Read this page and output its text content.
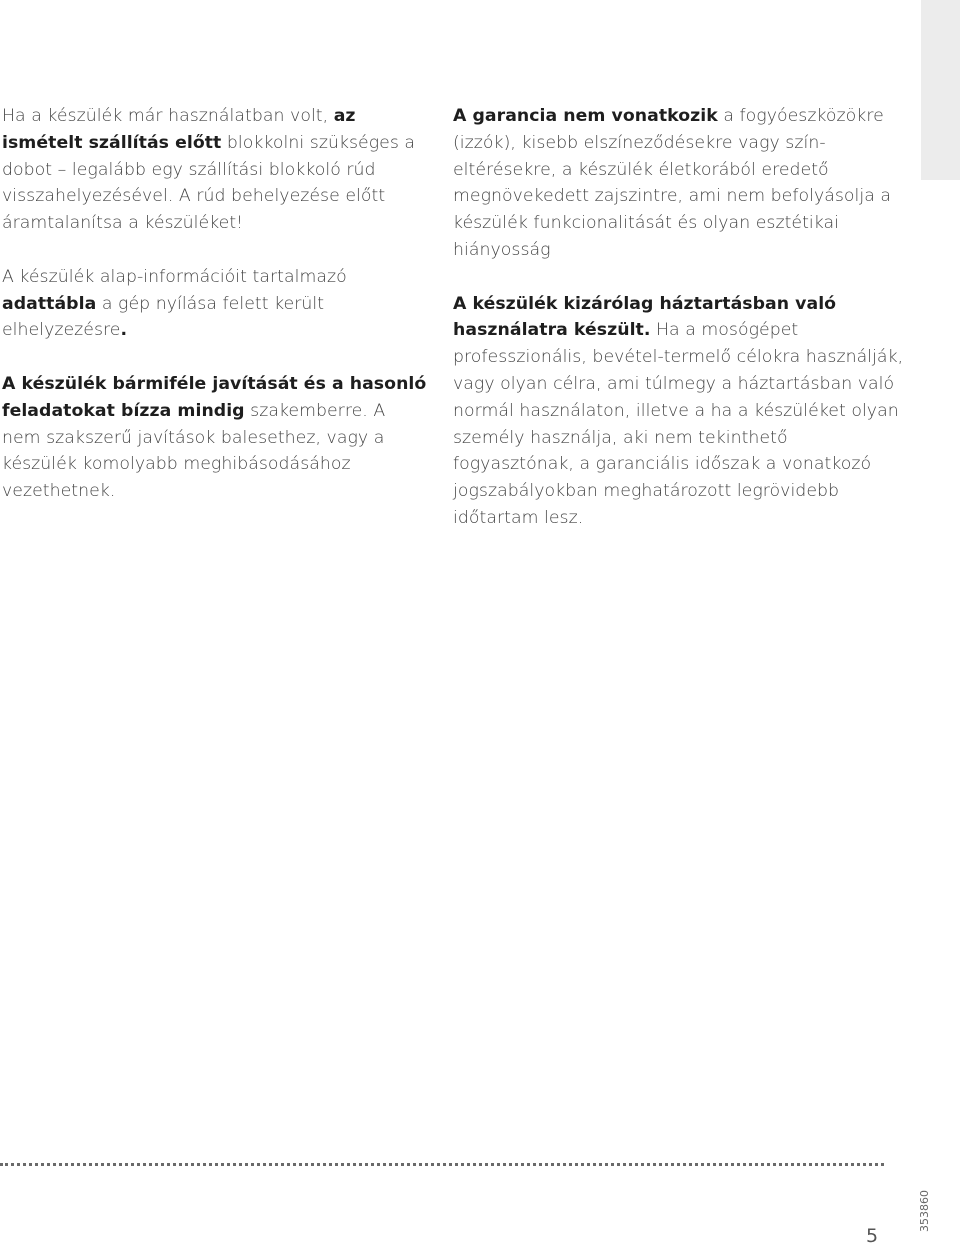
Ha a készülék már használatban volt, az ismételt szállítás előtt blokkolni szükséges a dobot – legalább egy szállítási blokkoló rúd visszahelyezésével. A rúd behelyezése előtt áramtalanítsa a készüléket!

A készülék alap-információit tartalmazó adattábla a gép nyílása felett került elhelyzezésre.

A készülék bármiféle javítását és a hasonló feladatokat bízza mindig szakemberre. A nem szakszerű javítások balesethez, vagy a készülék komolyabb meghibásodásához vezethetnek.

A garancia nem vonatkozik a fogyóeszközökre (izzók), kisebb elszíneződésekre vagy szín-eltérésekre, a készülék életkorából eredető megnövekedett zajszintre, ami nem befolyásolja a készülék funkcionalitását és olyan esztétikai hiányosság

A készülék kizárólag háztartásban való használatra készült. Ha a mosógépet professzionális, bevétel-termelő célokra használják, vagy olyan célra, ami túlmegy a háztartásban való normál használaton, illetve a ha a készüléket olyan személy használja, aki nem tekinthető fogyasztónak, a garanciális időszak a vonatkozó jogszabályokban meghatározott legrövidebb időtartam lesz.

5
353860
